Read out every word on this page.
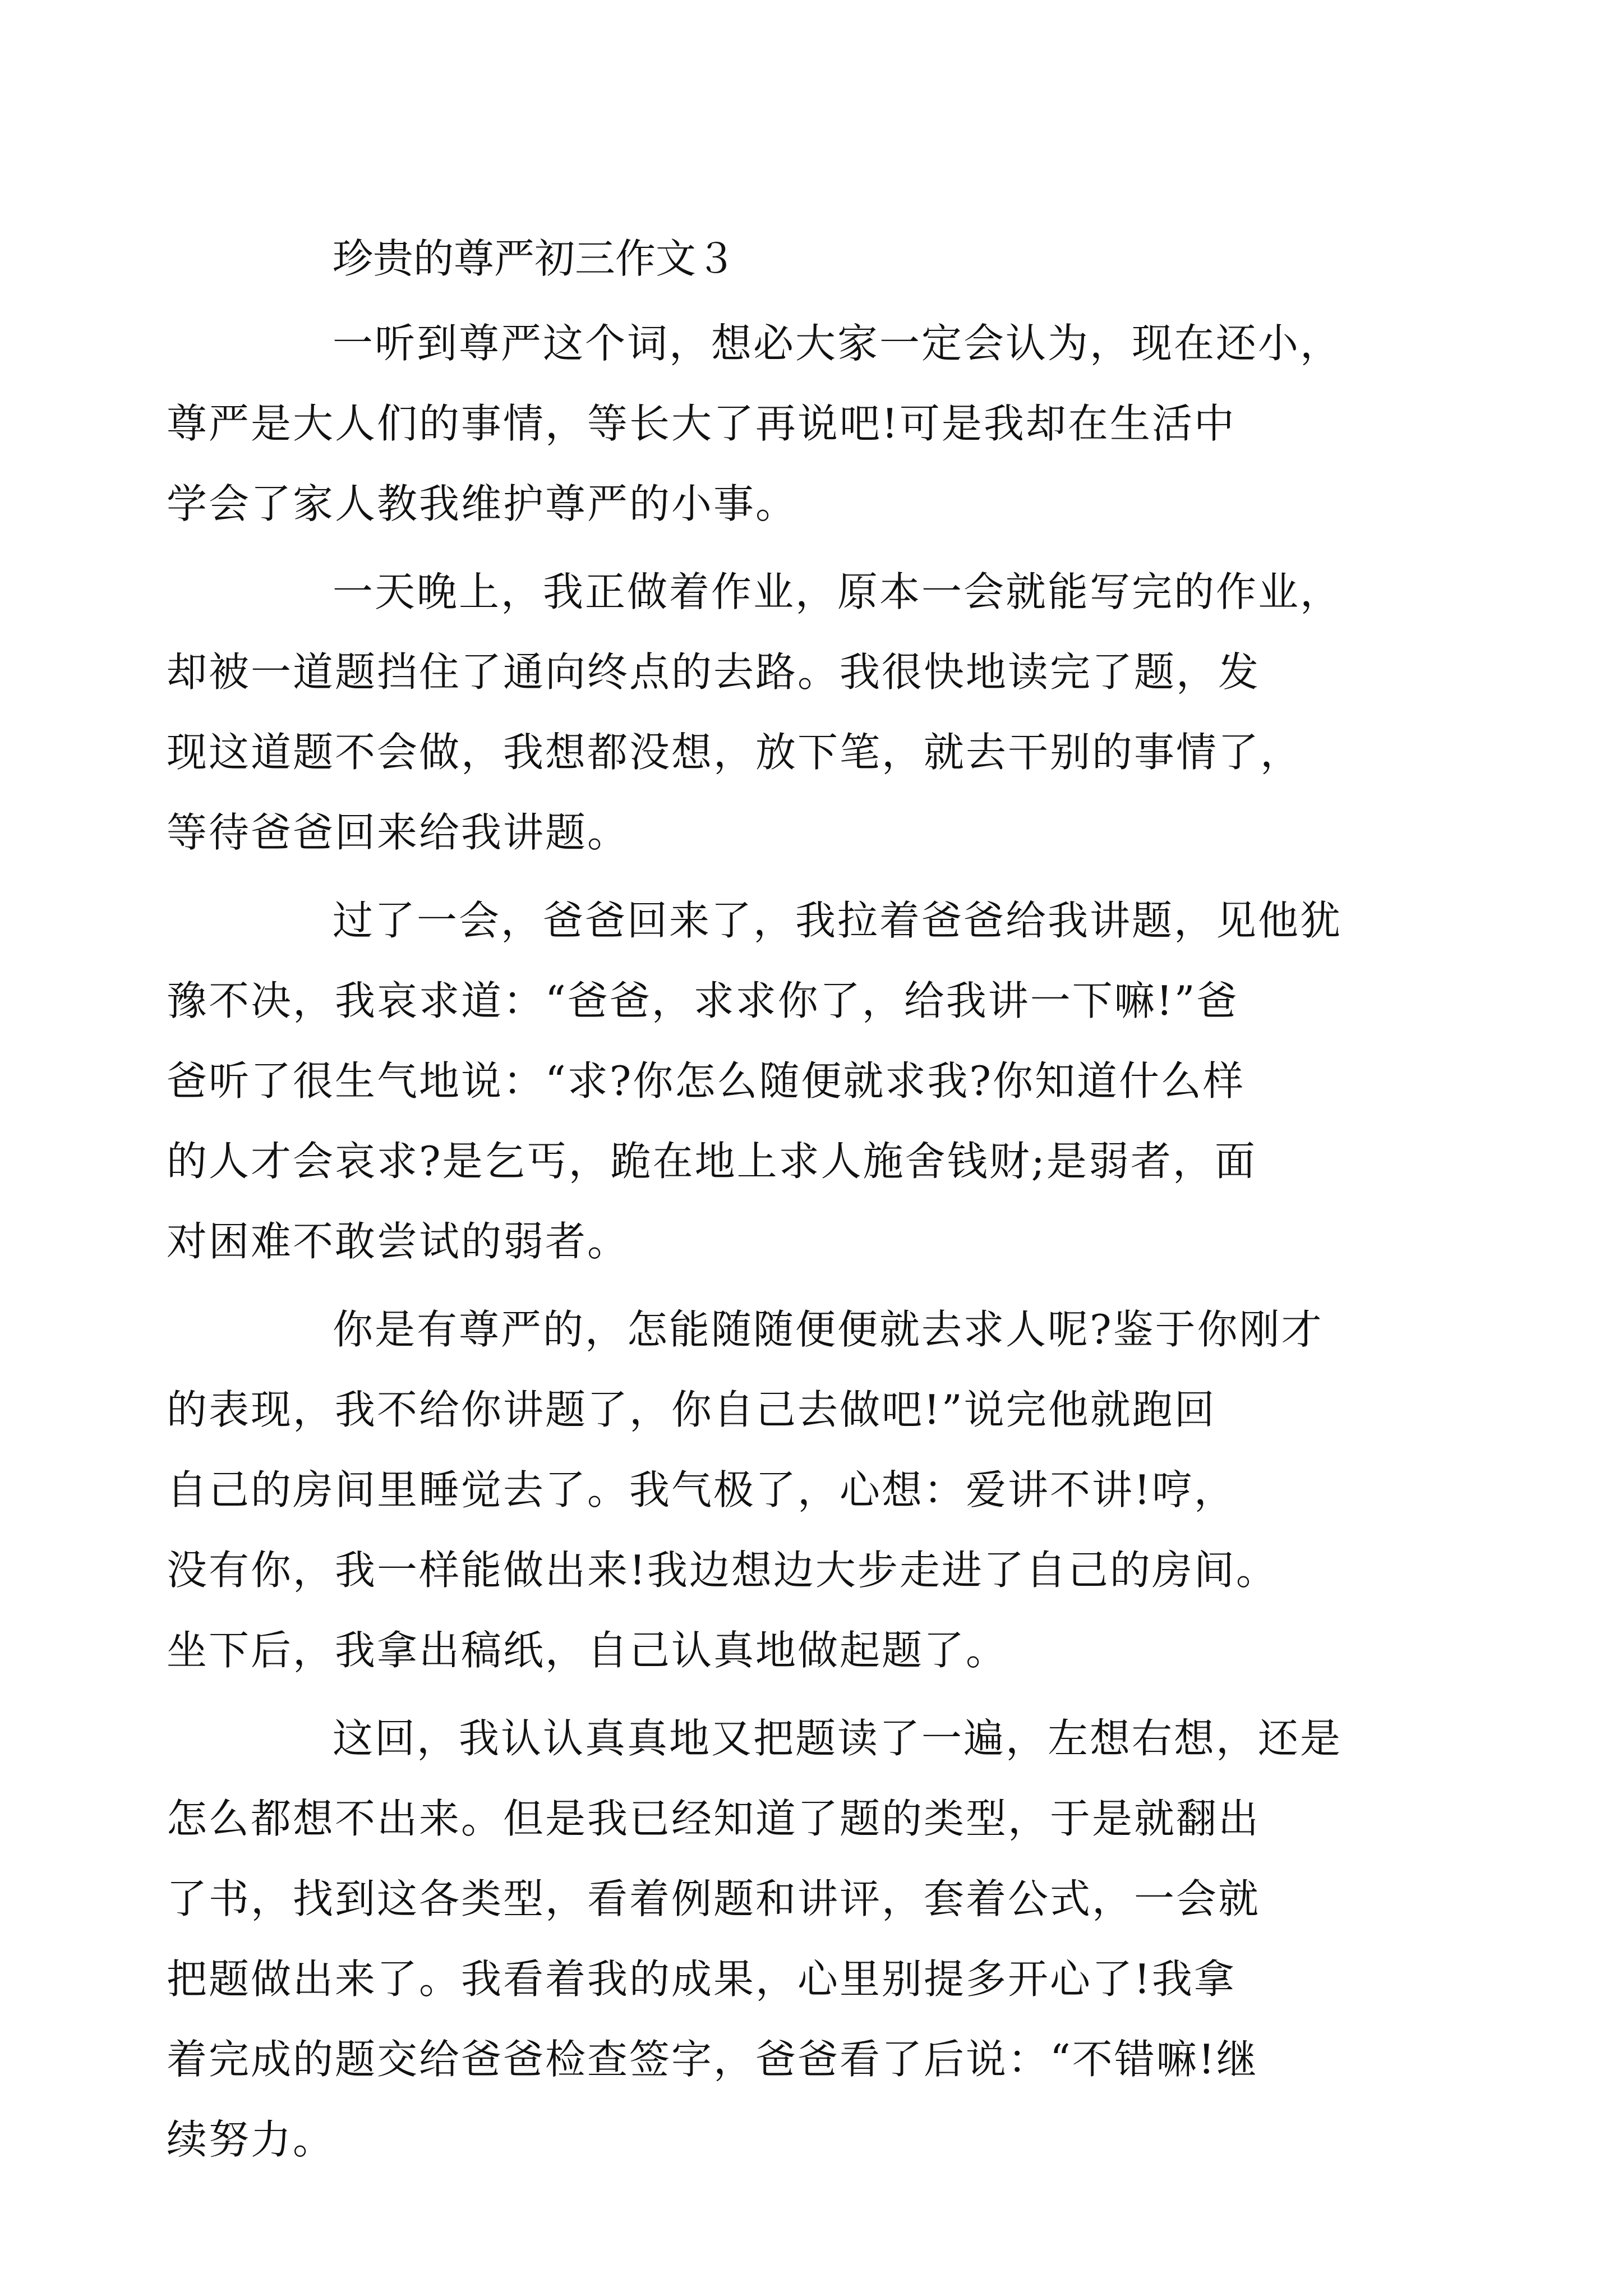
珍贵的尊严初三作文３
一听到尊严这个词，想必大家一定会认为，现在还小，
尊严是大人们的事情，等长大了再说吧!可是我却在生活中
学会了家人教我维护尊严的小事。
一天晚上，我正做着作业，原本一会就能写完的作业，
却被一道题挡住了通向终点的去路。我很快地读完了题，发
现这道题不会做，我想都没想，放下笔，就去干别的事情了，
等待爸爸回来给我讲题。
过了一会，爸爸回来了，我拉着爸爸给我讲题，见他犹
豫不决，我哀求道：“爸爸，求求你了，给我讲一下嘛!”爸
爸听了很生气地说：“求?你怎么随便就求我?你知道什么样
的人才会哀求?是乞丐，跪在地上求人施舍钱财;是弱者，面
对困难不敢尝试的弱者。
你是有尊严的，怎能随随便便就去求人呢?鉴于你刚才
的表现，我不给你讲题了，你自己去做吧!”说完他就跑回
自己的房间里睡觉去了。我气极了，心想：爱讲不讲!哼，
没有你，我一样能做出来!我边想边大步走进了自己的房间。
坐下后，我拿出稿纸，自己认真地做起题了。
这回，我认认真真地又把题读了一遍，左想右想，还是
怎么都想不出来。但是我已经知道了题的类型，于是就翻出
了书，找到这各类型，看着例题和讲评，套着公式，一会就
把题做出来了。我看着我的成果，心里别提多开心了!我拿
着完成的题交给爸爸检查签字，爸爸看了后说：“不错嘛!继
续努力。
